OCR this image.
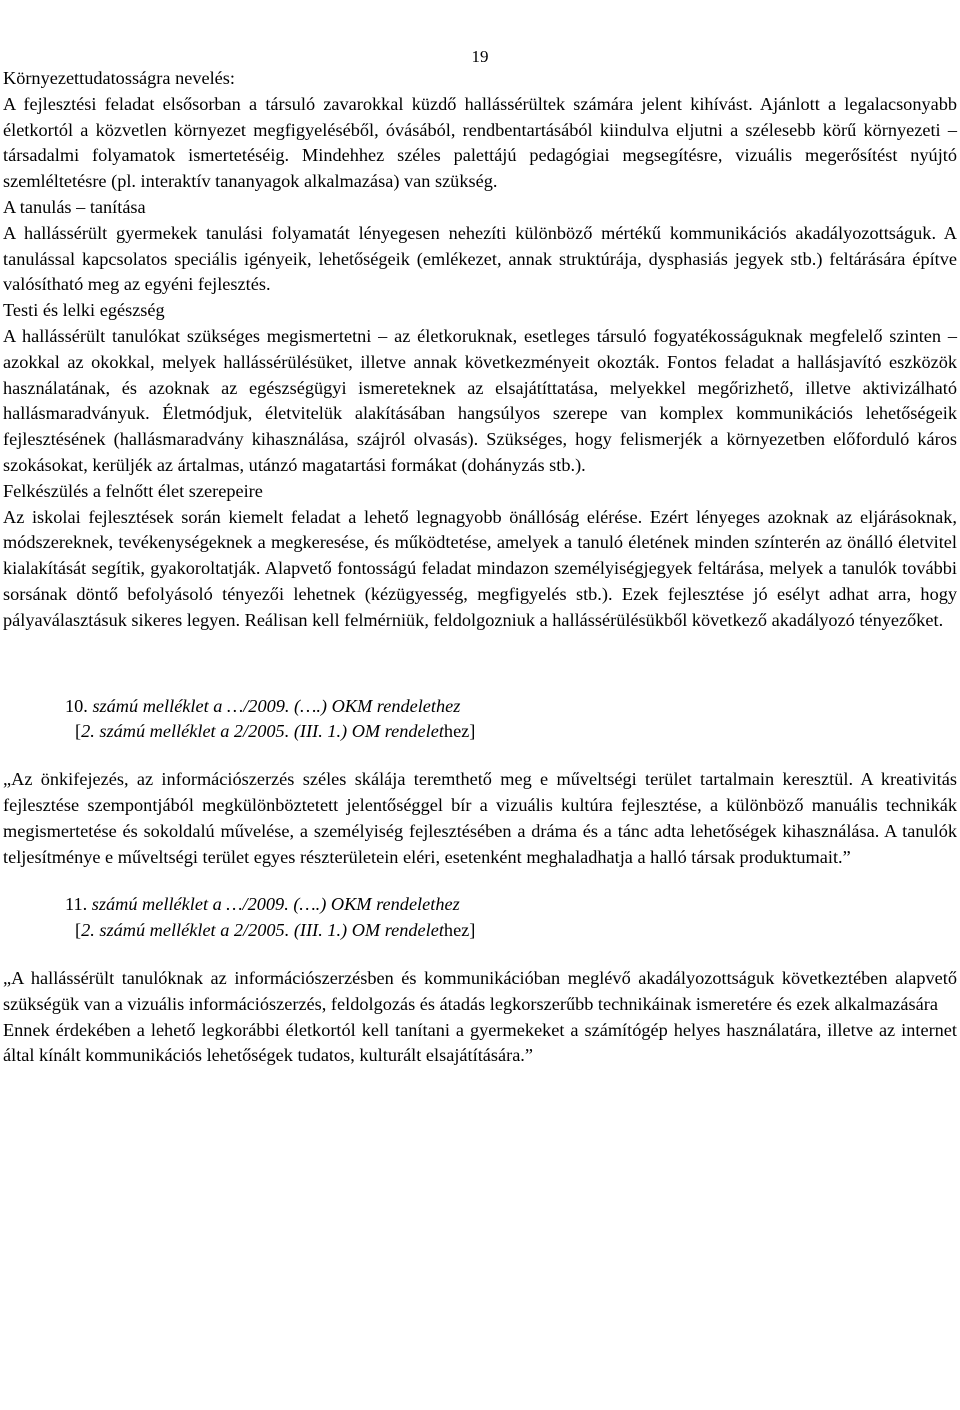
Az előterjesztést a Kormány nem tárgyalta meg, ezért az nem tekinthető a Kormány álláspontjának.
19

Környezettudatosságra nevelés:

A fejlesztési feladat elsősorban a társuló zavarokkal küzdő hallássérültek számára jelent kihívást. Ajánlott a legalacsonyabb életkortól a közvetlen környezet megfigyeléséből, óvásából, rendbentartásából kiindulva eljutni a szélesebb körű környezeti – társadalmi folyamatok ismertetéséig. Mindehhez széles palettájú pedagógiai megsegítésre, vizuális megerősítést nyújtó szemléltetésre (pl. interaktív tananyagok alkalmazása) van szükség.

A tanulás – tanítása

A hallássérült gyermekek tanulási folyamatát lényegesen nehezíti különböző mértékű kommunikációs akadályozottságuk. A tanulással kapcsolatos speciális igényeik, lehetőségeik (emlékezet, annak struktúrája, dysphasiás jegyek stb.) feltárására építve valósítható meg az egyéni fejlesztés.

Testi és lelki egészség

A hallássérült tanulókat szükséges megismertetni – az életkoruknak, esetleges társuló fogyatékosságuknak megfelelő szinten – azokkal az okokkal, melyek hallássérülésüket, illetve annak következményeit okozták. Fontos feladat a hallásjavító eszközök használatának, és azoknak az egészségügyi ismereteknek az elsajátíttatása, melyekkel megőrizhető, illetve aktivizálható hallásmaradványuk. Életmódjuk, életvitelük alakításában hangsúlyos szerepe van komplex kommunikációs lehetőségeik fejlesztésének (hallásmaradvány kihasználása, szájról olvasás). Szükséges, hogy felismerjék a környezetben előforduló káros szokásokat, kerüljék az ártalmas, utánzó magatartási formákat (dohányzás stb.).

Felkészülés a felnőtt élet szerepeire

Az iskolai fejlesztések során kiemelt feladat a lehető legnagyobb önállóság elérése. Ezért lényeges azoknak az eljárásoknak, módszereknek, tevékenységeknek a megkeresése, és működtetése, amelyek a tanuló életének minden színterén az önálló életvitel kialakítását segítik, gyakoroltatják. Alapvető fontosságú feladat mindazon személyiségjegyek feltárása, melyek a tanulók további sorsának döntő befolyásoló tényezői lehetnek (kézügyesség, megfigyelés stb.). Ezek fejlesztése jó esélyt adhat arra, hogy pályaválasztásuk sikeres legyen. Reálisan kell felmérniük, feldolgozniuk a hallássérülésükből következő akadályozó tényezőket.

10. számú melléklet a …/2009. (….) OKM rendelethez
[2. számú melléklet a 2/2005. (III. 1.) OM rendelethez]

„Az önkifejezés, az információszerzés széles skálája teremthető meg e műveltségi terület tartalmain keresztül. A kreativitás fejlesztése szempontjából megkülönböztetett jelentőséggel bír a vizuális kultúra fejlesztése, a különböző manuális technikák megismertetése és sokoldalú művelése, a személyiség fejlesztésében a dráma és a tánc adta lehetőségek kihasználása. A tanulók teljesítménye e műveltségi terület egyes részterületein eléri, esetenként meghaladhatja a halló társak produktumait.”

11. számú melléklet a …/2009. (….) OKM rendelethez
[2. számú melléklet a 2/2005. (III. 1.) OM rendelethez]

„A hallássérült tanulóknak az információszerzésben és kommunikációban meglévő akadályozottságuk következtében alapvető szükségük van a vizuális információszerzés, feldolgozás és átadás legkorszerűbb technikáinak ismeretére és ezek alkalmazására

Ennek érdekében a lehető legkorábbi életkortól kell tanítani a gyermekeket a számítógép helyes használatára, illetve az internet által kínált kommunikációs lehetőségek tudatos, kulturált elsajátítására.”
